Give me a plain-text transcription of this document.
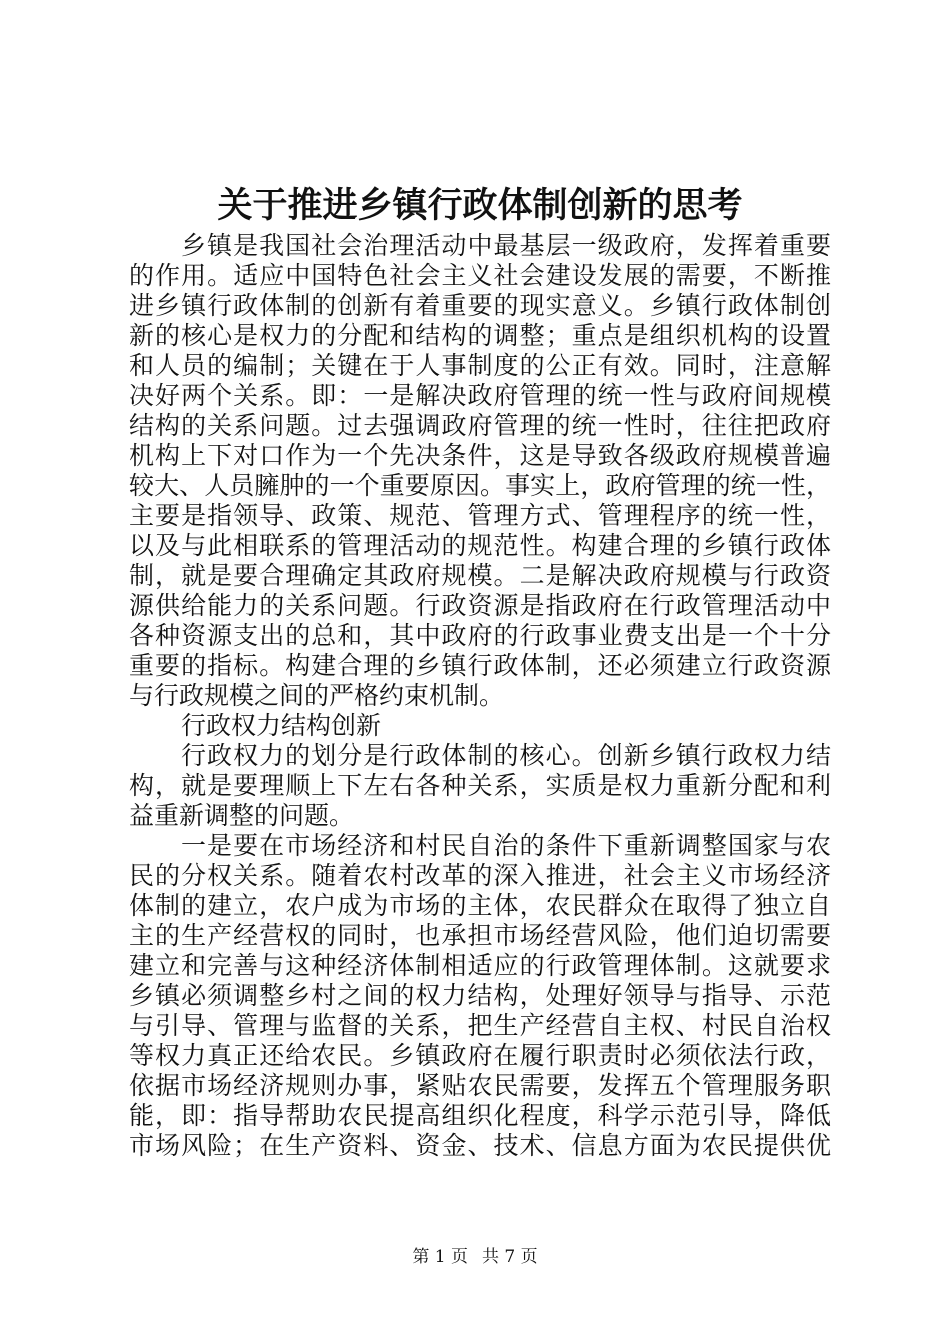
关于推进乡镇行政体制创新的思考
乡镇是我国社会治理活动中最基层一级政府，发挥着重要
的作用。适应中国特色社会主义社会建设发展的需要，不断推
进乡镇行政体制的创新有着重要的现实意义。乡镇行政体制创
新的核心是权力的分配和结构的调整；重点是组织机构的设置
和人员的编制；关键在于人事制度的公正有效。同时，注意解
决好两个关系。即：一是解决政府管理的统一性与政府间规模
结构的关系问题。过去强调政府管理的统一性时，往往把政府
机构上下对口作为一个先决条件，这是导致各级政府规模普遍
较大、人员臃肿的一个重要原因。事实上，政府管理的统一性，
主要是指领导、政策、规范、管理方式、管理程序的统一性，
以及与此相联系的管理活动的规范性。构建合理的乡镇行政体
制，就是要合理确定其政府规模。二是解决政府规模与行政资
源供给能力的关系问题。行政资源是指政府在行政管理活动中
各种资源支出的总和，其中政府的行政事业费支出是一个十分
重要的指标。构建合理的乡镇行政体制，还必须建立行政资源
与行政规模之间的严格约束机制。
行政权力结构创新
行政权力的划分是行政体制的核心。创新乡镇行政权力结
构，就是要理顺上下左右各种关系，实质是权力重新分配和利
益重新调整的问题。
一是要在市场经济和村民自治的条件下重新调整国家与农
民的分权关系。随着农村改革的深入推进，社会主义市场经济
体制的建立，农户成为市场的主体，农民群众在取得了独立自
主的生产经营权的同时，也承担市场经营风险，他们迫切需要
建立和完善与这种经济体制相适应的行政管理体制。这就要求
乡镇必须调整乡村之间的权力结构，处理好领导与指导、示范
与引导、管理与监督的关系，把生产经营自主权、村民自治权
等权力真正还给农民。乡镇政府在履行职责时必须依法行政，
依据市场经济规则办事，紧贴农民需要，发挥五个管理服务职
能，即：指导帮助农民提高组织化程度，科学示范引导，降低
市场风险；在生产资料、资金、技术、信息方面为农民提供优
第 1 页 共 7 页
